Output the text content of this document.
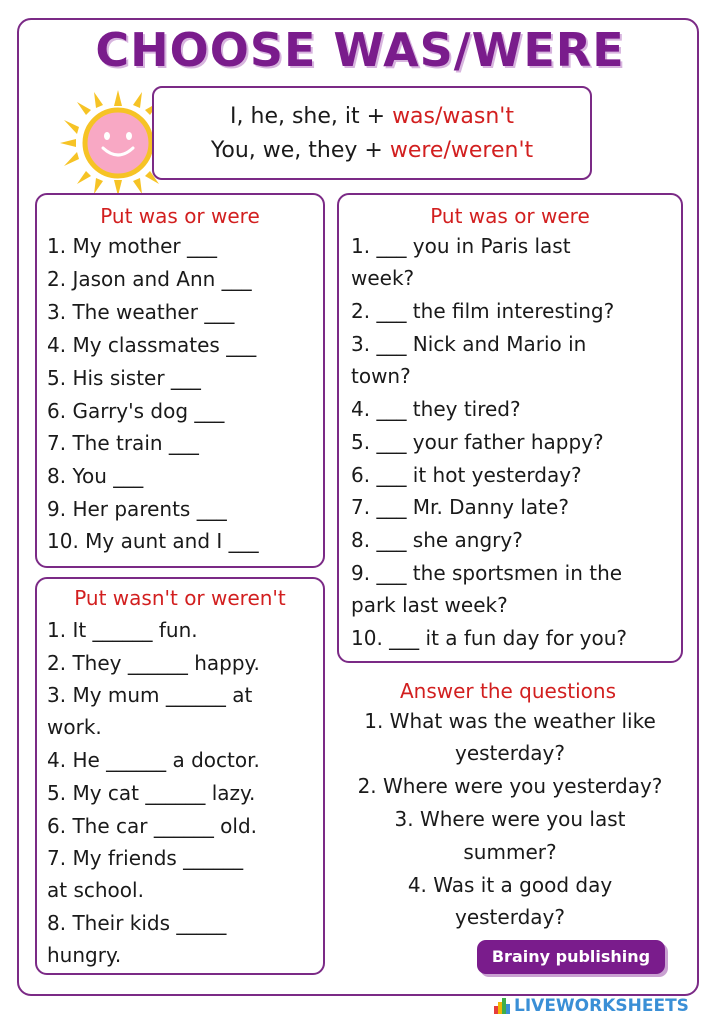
CHOOSE WAS/WERE
I, he, she, it + was/wasn't
You, we, they + were/weren't
Put was or were
1. My mother ___
2. Jason and Ann ___
3. The weather ___
4. My classmates ___
5. His sister ___
6. Garry's dog ___
7. The train ___
8. You ___
9. Her parents ___
10. My aunt and I ___
Put was or were
1. ___ you in Paris last
week?
2. ___ the film interesting?
3. ___ Nick and Mario in
town?
4. ___ they tired?
5. ___ your father happy?
6. ___ it hot yesterday?
7. ___ Mr. Danny late?
8. ___ she angry?
9. ___ the sportsmen in the
park last week?
10. ___ it a fun day for you?
Put wasn't or weren't
1. It ______ fun.
2. They ______ happy.
3. My mum ______ at
work.
4. He ______ a doctor.
5. My cat ______ lazy.
6. The car ______ old.
7. My friends ______
at school.
8. Their kids _____
hungry.
Answer the questions
1. What was the weather like
yesterday?
2. Where were you yesterday?
3. Where were you last
summer?
4. Was it a good day
yesterday?
Brainy publishing
LIVEWORKSHEETS
